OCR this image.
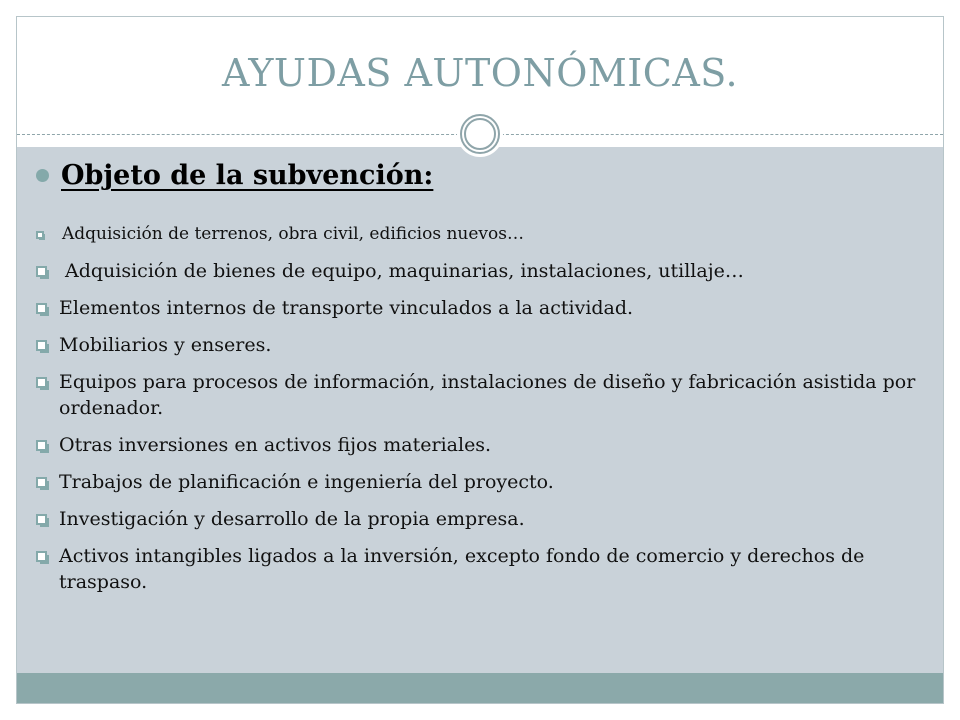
AYUDAS AUTONÓMICAS.
Objeto de la subvención:
Adquisición de terrenos, obra civil, edificios nuevos…
Adquisición de bienes de equipo, maquinarias, instalaciones, utillaje…
Elementos internos de transporte vinculados a la actividad.
Mobiliarios y enseres.
Equipos para procesos de información, instalaciones de diseño y fabricación asistida por ordenador.
Otras inversiones en activos fijos materiales.
Trabajos de planificación e ingeniería del proyecto.
Investigación y desarrollo de la propia empresa.
Activos intangibles ligados a la inversión, excepto fondo de comercio y derechos de traspaso.
